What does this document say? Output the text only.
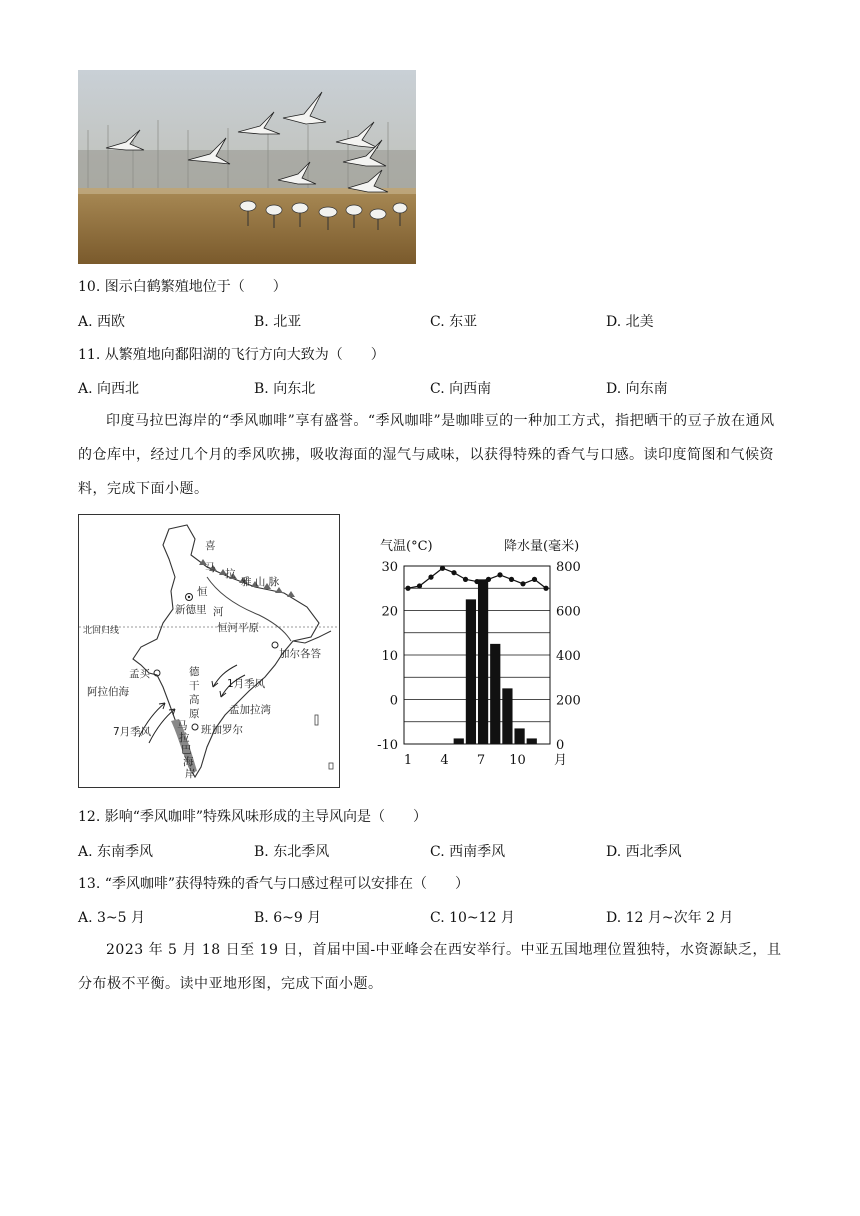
10. 图示白鹤繁殖地位于（　　）
A. 西欧	B. 北亚	C. 东亚	D. 北美
11. 从繁殖地向鄱阳湖的飞行方向大致为（　　）
A. 向西北	B. 向东北	C. 向西南	D. 向东南
印度马拉巴海岸的“季风咖啡”享有盛誉。“季风咖啡”是咖啡豆的一种加工方式，指把晒干的豆子放在通风的仓库中，经过几个月的季风吹拂，吸收海面的湿气与咸味，以获得特殊的香气与口感。读印度简图和气候资料，完成下面小题。
喜
马 拉
雅 山 脉
恒
河
新德里
恒河平原
北回归线
加尔各答
孟买
阿拉伯海
德
干
高
原
1月季风
孟加拉湾
7月季风	班加罗尔
马
拉
巴
海
岸
气温(°C)	降水量(毫米)
30
20
10
0
-10
800
600
400
200
0
1 4 7 10 月
12. 影响“季风咖啡”特殊风味形成的主导风向是（　　）
A. 东南季风	B. 东北季风	C. 西南季风	D. 西北季风
13. “季风咖啡”获得特殊的香气与口感过程可以安排在（　　）
A. 3~5 月	B. 6~9 月	C. 10~12 月	D. 12 月~次年 2 月
2023 年 5 月 18 日至 19 日，首届中国-中亚峰会在西安举行。中亚五国地理位置独特，水资源缺乏，且分布极不平衡。读中亚地形图，完成下面小题。
